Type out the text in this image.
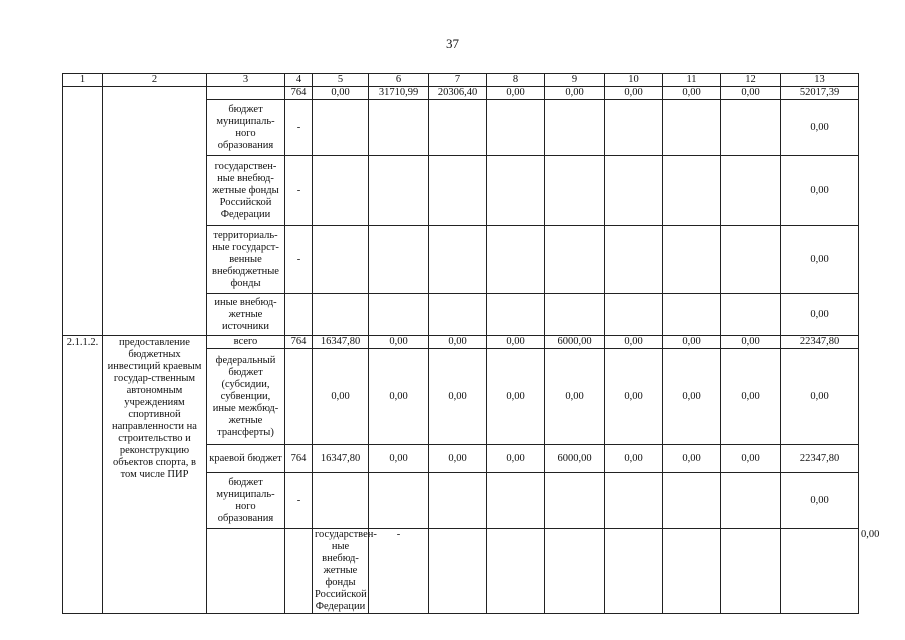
37
1	2	3	4	5	6	7	8	9	10	11	12	13	
			764	0,00	31710,99	20306,40	0,00	0,00	0,00	0,00	0,00	52017,39	
		бюджет муниципаль-ного образования	-									0,00	
		государствен-ные внебюд-жетные фонды Российской Федерации	-									0,00	
		территориаль-ные государст-венные внебюджетные фонды	-									0,00	
		иные внебюд-жетные источники										0,00	
2.1.1.2.	предоставление бюджетных инвестиций краевым государ-ственным автономным учреждениям спортивной направленности на строительство и реконструкцию объектов спорта, в том числе ПИР	всего	764	16347,80	0,00	0,00	0,00	6000,00	0,00	0,00	0,00	22347,80	
		федеральный бюджет (субсидии, субвенции, иные межбюд-жетные трансферты)		0,00	0,00	0,00	0,00	0,00	0,00	0,00	0,00	0,00	
		краевой бюджет	764	16347,80	0,00	0,00	0,00	6000,00	0,00	0,00	0,00	22347,80	
		бюджет муниципаль-ного образования	-									0,00	
				государствен-ные внебюд-жетные фонды Российской Федерации	-									0,00
